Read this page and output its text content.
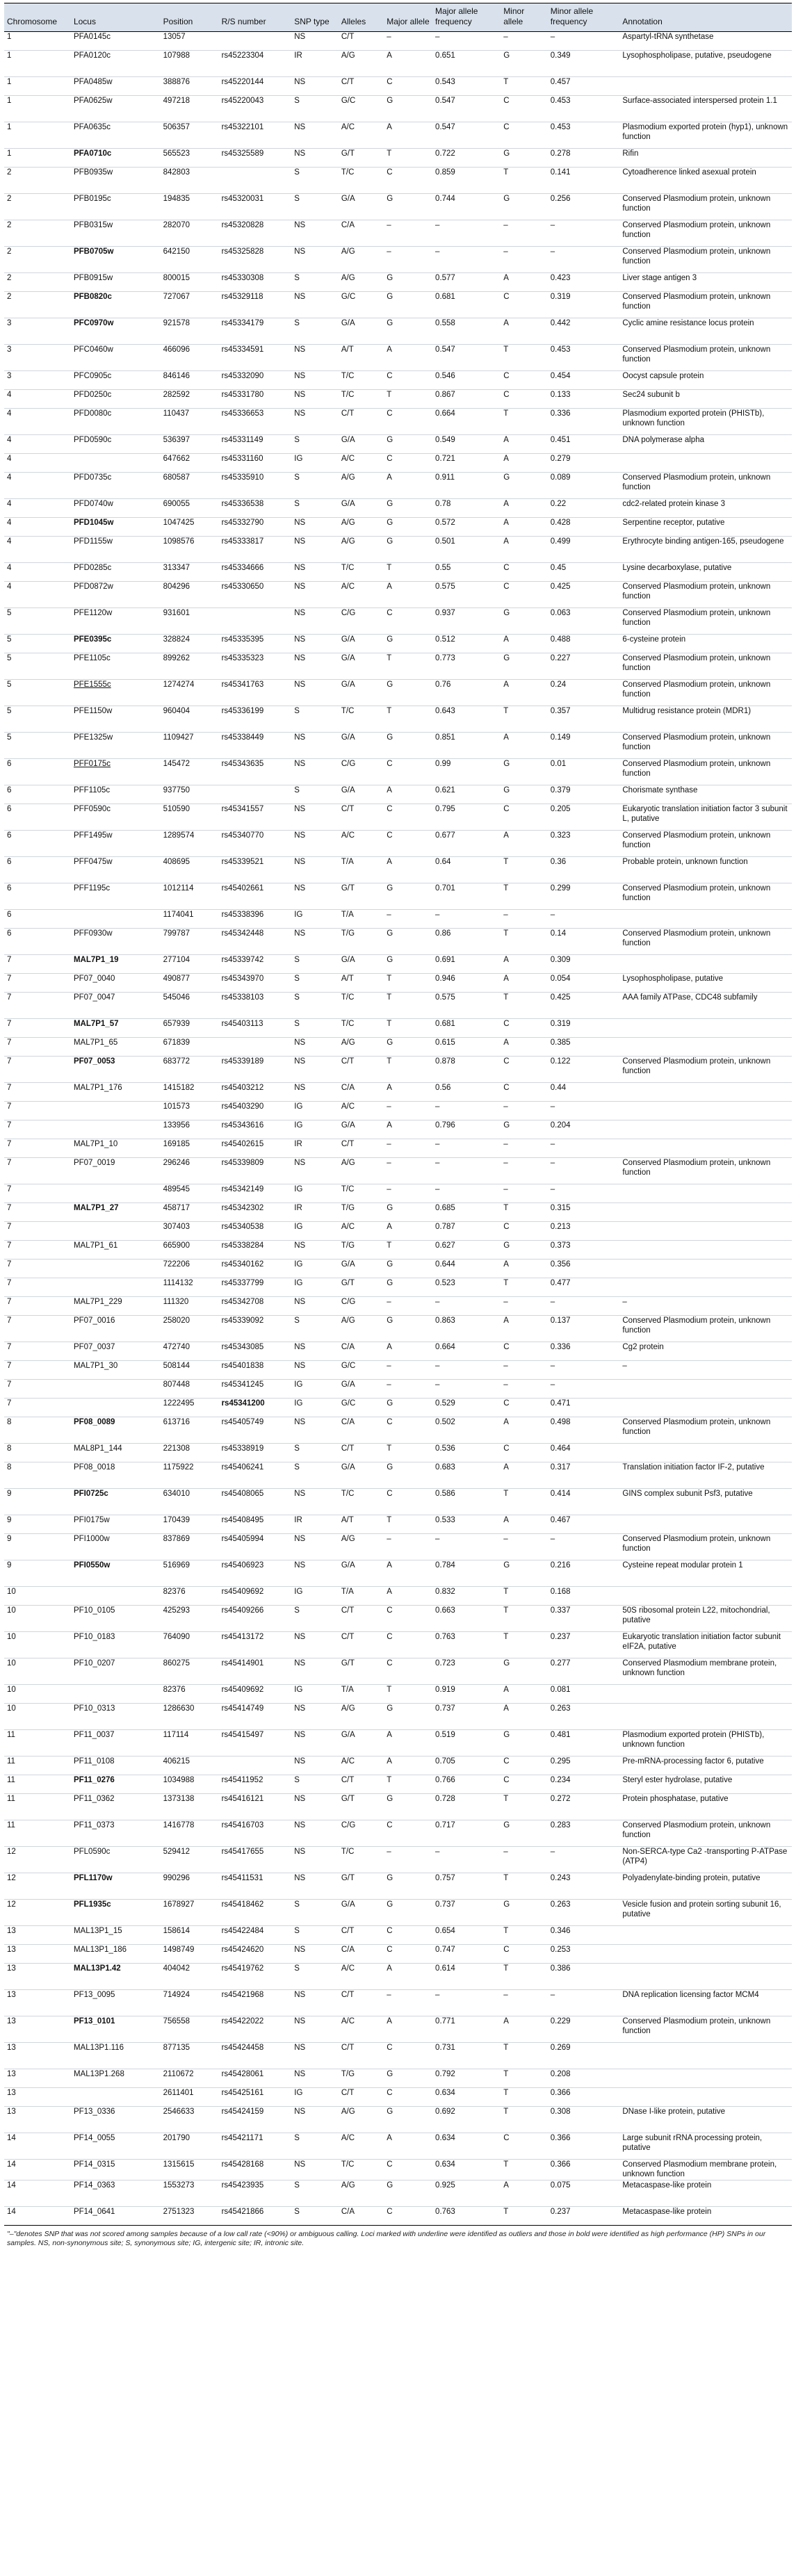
Chromosome	Locus	Position	R/S number	SNP type	Alleles	Major allele	Major allele frequency	Minor allele	Minor allele frequency	Annotation
1	PFA0145c	13057		NS	C/T	–	–	–	–	Aspartyl-tRNA synthetase
1	PFA0120c	107988	rs45223304	IR	A/G	A	0.651	G	0.349	Lysophospholipase, putative, pseudogene
1	PFA0485w	388876	rs45220144	NS	C/T	C	0.543	T	0.457	
1	PFA0625w	497218	rs45220043	S	G/C	G	0.547	C	0.453	Surface-associated interspersed protein 1.1
1	PFA0635c	506357	rs45322101	NS	A/C	A	0.547	C	0.453	Plasmodium exported protein (hyp1), unknown function
1	PFA0710c	565523	rs45325589	NS	G/T	T	0.722	G	0.278	Rifin
2	PFB0935w	842803		S	T/C	C	0.859	T	0.141	Cytoadherence linked asexual protein
2	PFB0195c	194835	rs45320031	S	G/A	G	0.744	G	0.256	Conserved Plasmodium protein, unknown function
2	PFB0315w	282070	rs45320828	NS	C/A	–	–	–	–	Conserved Plasmodium protein, unknown function
2	PFB0705w	642150	rs45325828	NS	A/G	–	–	–	–	Conserved Plasmodium protein, unknown function
2	PFB0915w	800015	rs45330308	S	A/G	G	0.577	A	0.423	Liver stage antigen 3
2	PFB0820c	727067	rs45329118	NS	G/C	G	0.681	C	0.319	Conserved Plasmodium protein, unknown function
3	PFC0970w	921578	rs45334179	S	G/A	G	0.558	A	0.442	Cyclic amine resistance locus protein
3	PFC0460w	466096	rs45334591	NS	A/T	A	0.547	T	0.453	Conserved Plasmodium protein, unknown function
3	PFC0905c	846146	rs45332090	NS	T/C	C	0.546	C	0.454	Oocyst capsule protein
4	PFD0250c	282592	rs45331780	NS	T/C	T	0.867	C	0.133	Sec24 subunit b
4	PFD0080c	110437	rs45336653	NS	C/T	C	0.664	T	0.336	Plasmodium exported protein (PHISTb), unknown function
4	PFD0590c	536397	rs45331149	S	G/A	G	0.549	A	0.451	DNA polymerase alpha
4		647662	rs45331160	IG	A/C	C	0.721	A	0.279	
4	PFD0735c	680587	rs45335910	S	A/G	A	0.911	G	0.089	Conserved Plasmodium protein, unknown function
4	PFD0740w	690055	rs45336538	S	G/A	G	0.78	A	0.22	cdc2-related protein kinase 3
4	PFD1045w	1047425	rs45332790	NS	A/G	G	0.572	A	0.428	Serpentine receptor, putative
4	PFD1155w	1098576	rs45333817	NS	A/G	G	0.501	A	0.499	Erythrocyte binding antigen-165, pseudogene
4	PFD0285c	313347	rs45334666	NS	T/C	T	0.55	C	0.45	Lysine decarboxylase, putative
4	PFD0872w	804296	rs45330650	NS	A/C	A	0.575	C	0.425	Conserved Plasmodium protein, unknown function
5	PFE1120w	931601		NS	C/G	C	0.937	G	0.063	Conserved Plasmodium protein, unknown function
5	PFE0395c	328824	rs45335395	NS	G/A	G	0.512	A	0.488	6-cysteine protein
5	PFE1105c	899262	rs45335323	NS	G/A	T	0.773	G	0.227	Conserved Plasmodium protein, unknown function
5	PFE1555c	1274274	rs45341763	NS	G/A	G	0.76	A	0.24	Conserved Plasmodium protein, unknown function
5	PFE1150w	960404	rs45336199	S	T/C	T	0.643	T	0.357	Multidrug resistance protein (MDR1)
5	PFE1325w	1109427	rs45338449	NS	G/A	G	0.851	A	0.149	Conserved Plasmodium protein, unknown function
6	PFF0175c	145472	rs45343635	NS	C/G	C	0.99	G	0.01	Conserved Plasmodium protein, unknown function
6	PFF1105c	937750		S	G/A	A	0.621	G	0.379	Chorismate synthase
6	PFF0590c	510590	rs45341557	NS	C/T	C	0.795	C	0.205	Eukaryotic translation initiation factor 3 subunit L, putative
6	PFF1495w	1289574	rs45340770	NS	A/C	C	0.677	A	0.323	Conserved Plasmodium protein, unknown function
6	PFF0475w	408695	rs45339521	NS	T/A	A	0.64	T	0.36	Probable protein, unknown function
6	PFF1195c	1012114	rs45402661	NS	G/T	G	0.701	T	0.299	Conserved Plasmodium protein, unknown function
6		1174041	rs45338396	IG	T/A	–	–	–	–	
6	PFF0930w	799787	rs45342448	NS	T/G	G	0.86	T	0.14	Conserved Plasmodium protein, unknown function
7	MAL7P1_19	277104	rs45339742	S	G/A	G	0.691	A	0.309	
7	PF07_0040	490877	rs45343970	S	A/T	T	0.946	A	0.054	Lysophospholipase, putative
7	PF07_0047	545046	rs45338103	S	T/C	T	0.575	T	0.425	AAA family ATPase, CDC48 subfamily
7	MAL7P1_57	657939	rs45403113	S	T/C	T	0.681	C	0.319	
7	MAL7P1_65	671839		NS	A/G	G	0.615	A	0.385	
7	PF07_0053	683772	rs45339189	NS	C/T	T	0.878	C	0.122	Conserved Plasmodium protein, unknown function
7	MAL7P1_176	1415182	rs45403212	NS	C/A	A	0.56	C	0.44	
7		101573	rs45403290	IG	A/C	–	–	–	–	
7		133956	rs45343616	IG	G/A	A	0.796	G	0.204	
7	MAL7P1_10	169185	rs45402615	IR	C/T	–	–	–	–	
7	PF07_0019	296246	rs45339809	NS	A/G	–	–	–	–	Conserved Plasmodium protein, unknown function
7		489545	rs45342149	IG	T/C	–	–	–	–	
7	MAL7P1_27	458717	rs45342302	IR	T/G	G	0.685	T	0.315	
7		307403	rs45340538	IG	A/C	A	0.787	C	0.213	
7	MAL7P1_61	665900	rs45338284	NS	T/G	T	0.627	G	0.373	
7		722206	rs45340162	IG	G/A	G	0.644	A	0.356	
7		1114132	rs45337799	IG	G/T	G	0.523	T	0.477	
7	MAL7P1_229	111320	rs45342708	NS	C/G	–	–	–	–	–
7	PF07_0016	258020	rs45339092	S	A/G	G	0.863	A	0.137	Conserved Plasmodium protein, unknown function
7	PF07_0037	472740	rs45343085	NS	C/A	A	0.664	C	0.336	Cg2 protein
7	MAL7P1_30	508144	rs45401838	NS	G/C	–	–	–	–	–
7		807448	rs45341245	IG	G/A	–	–	–	–	
7		1222495	rs45341200	IG	G/C	G	0.529	C	0.471	
8	PF08_0089	613716	rs45405749	NS	C/A	C	0.502	A	0.498	Conserved Plasmodium protein, unknown function
8	MAL8P1_144	221308	rs45338919	S	C/T	T	0.536	C	0.464	
8	PF08_0018	1175922	rs45406241	S	G/A	G	0.683	A	0.317	Translation initiation factor IF-2, putative
9	PFI0725c	634010	rs45408065	NS	T/C	C	0.586	T	0.414	GINS complex subunit Psf3, putative
9	PFI0175w	170439	rs45408495	IR	A/T	T	0.533	A	0.467	
9	PFI1000w	837869	rs45405994	NS	A/G	–	–	–	–	Conserved Plasmodium protein, unknown function
9	PFI0550w	516969	rs45406923	NS	G/A	A	0.784	G	0.216	Cysteine repeat modular protein 1
10		82376	rs45409692	IG	T/A	A	0.832	T	0.168	
10	PF10_0105	425293	rs45409266	S	C/T	C	0.663	T	0.337	50S ribosomal protein L22, mitochondrial, putative
10	PF10_0183	764090	rs45413172	NS	C/T	C	0.763	T	0.237	Eukaryotic translation initiation factor subunit eIF2A, putative
10	PF10_0207	860275	rs45414901	NS	G/T	C	0.723	G	0.277	Conserved Plasmodium membrane protein, unknown function
10		82376	rs45409692	IG	T/A	T	0.919	A	0.081	
10	PF10_0313	1286630	rs45414749	NS	A/G	G	0.737	A	0.263	
11	PF11_0037	117114	rs45415497	NS	G/A	A	0.519	G	0.481	Plasmodium exported protein (PHISTb), unknown function
11	PF11_0108	406215		NS	A/C	A	0.705	C	0.295	Pre-mRNA-processing factor 6, putative
11	PF11_0276	1034988	rs45411952	S	C/T	T	0.766	C	0.234	Steryl ester hydrolase, putative
11	PF11_0362	1373138	rs45416121	NS	G/T	G	0.728	T	0.272	Protein phosphatase, putative
11	PF11_0373	1416778	rs45416703	NS	C/G	C	0.717	G	0.283	Conserved Plasmodium protein, unknown function
12	PFL0590c	529412	rs45417655	NS	T/C	–	–	–	–	Non-SERCA-type Ca2 -transporting P-ATPase (ATP4)
12	PFL1170w	990296	rs45411531	NS	G/T	G	0.757	T	0.243	Polyadenylate-binding protein, putative
12	PFL1935c	1678927	rs45418462	S	G/A	G	0.737	G	0.263	Vesicle fusion and protein sorting subunit 16, putative
13	MAL13P1_15	158614	rs45422484	S	C/T	C	0.654	T	0.346	
13	MAL13P1_186	1498749	rs45424620	NS	C/A	C	0.747	C	0.253	
13	MAL13P1.42	404042	rs45419762	S	A/C	A	0.614	T	0.386	
13	PF13_0095	714924	rs45421968	NS	C/T	–	–	–	–	DNA replication licensing factor MCM4
13	PF13_0101	756558	rs45422022	NS	A/C	A	0.771	A	0.229	Conserved Plasmodium protein, unknown function
13	MAL13P1.116	877135	rs45424458	NS	C/T	C	0.731	T	0.269	
13	MAL13P1.268	2110672	rs45428061	NS	T/G	G	0.792	T	0.208	
13		2611401	rs45425161	IG	C/T	C	0.634	T	0.366	
13	PF13_0336	2546633	rs45424159	NS	A/G	G	0.692	T	0.308	DNase I-like protein, putative
14	PF14_0055	201790	rs45421171	S	A/C	A	0.634	C	0.366	Large subunit rRNA processing protein, putative
14	PF14_0315	1315615	rs45428168	NS	T/C	C	0.634	T	0.366	Conserved Plasmodium membrane protein, unknown function
14	PF14_0363	1553273	rs45423935	S	A/G	G	0.925	A	0.075	Metacaspase-like protein
14	PF14_0641	2751323	rs45421866	S	C/A	C	0.763	T	0.237	Metacaspase-like protein
"–"denotes SNP that was not scored among samples because of a low call rate (<90%) or ambiguous calling. Loci marked with underline were identified as outliers and those in bold were identified as high performance (HP) SNPs in our samples. NS, non-synonymous site; S, synonymous site; IG, intergenic site; IR, intronic site.
